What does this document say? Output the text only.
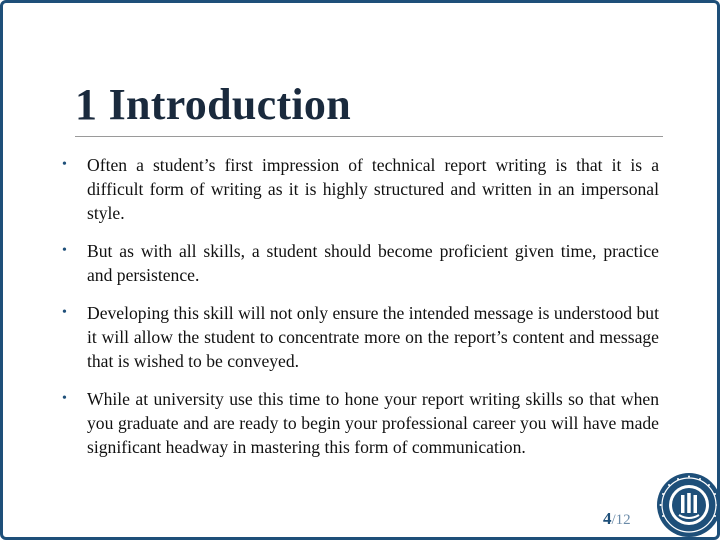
1 Introduction
• Often a student’s first impression of technical report writing is that it is a difficult form of writing as it is highly structured and written in an impersonal style.
• But as with all skills, a student should become proficient given time, practice and persistence.
• Developing this skill will not only ensure the intended message is understood but it will allow the student to concentrate more on the report’s content and message that is wished to be conveyed.
• While at university use this time to hone your report writing skills so that when you graduate and are ready to begin your professional career you will have made significant headway in mastering this form of communication.
4/12
